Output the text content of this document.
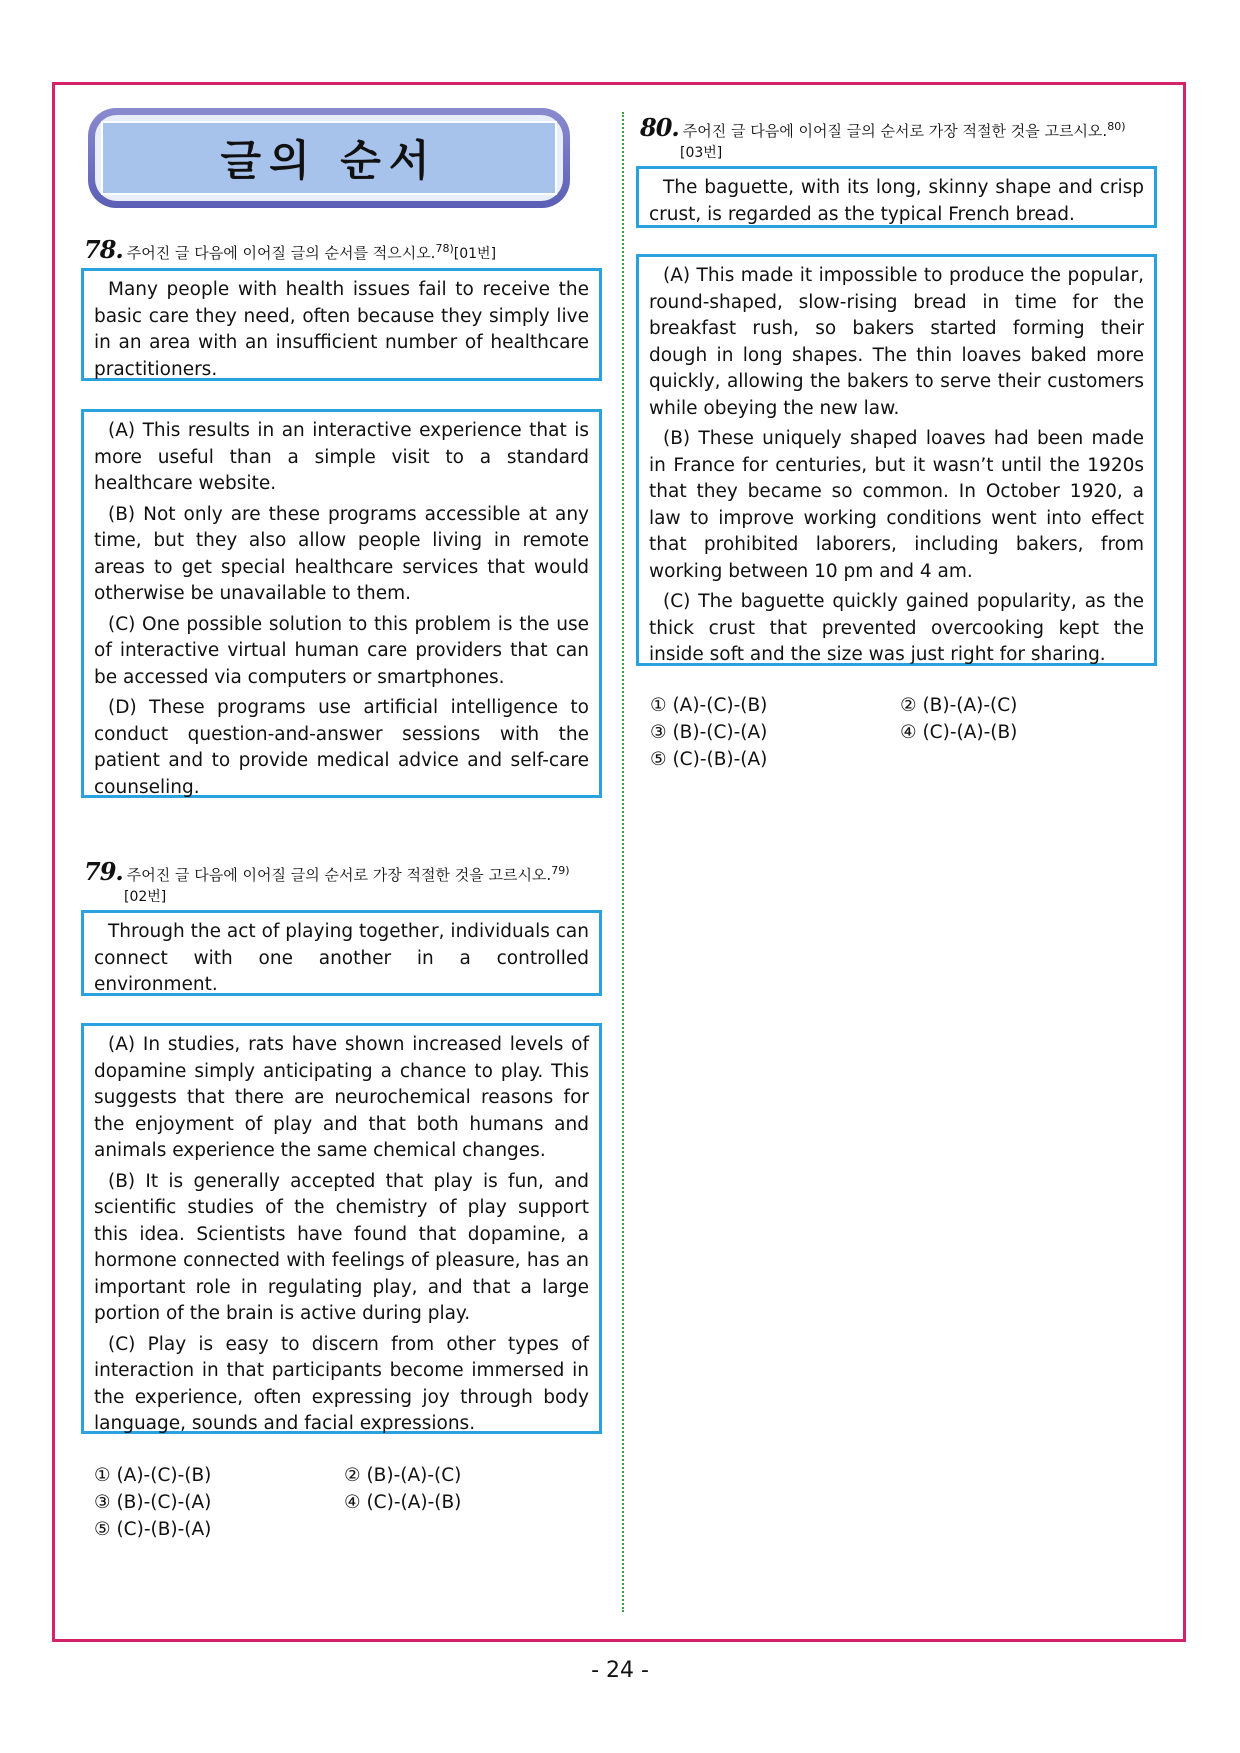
글의 순서
78. 주어진 글 다음에 이어질 글의 순서를 적으시오.$^{78)}$[01번]

Many people with health issues fail to receive the basic care they need, often because they simply live in an area with an insufficient number of healthcare practitioners.

(A) This results in an interactive experience that is more useful than a simple visit to a standard healthcare website.

(B) Not only are these programs accessible at any time, but they also allow people living in remote areas to get special healthcare services that would otherwise be unavailable to them.

(C) One possible solution to this problem is the use of interactive virtual human care providers that can be accessed via computers or smartphones.

(D) These programs use artificial intelligence to conduct question-and-answer sessions with the patient and to provide medical advice and self-care counseling.

79. 주어진 글 다음에 이어질 글의 순서로 가장 적절한 것을 고르시오.$^{79)}$
[02번]

Through the act of playing together, individuals can connect with one another in a controlled environment.

(A) In studies, rats have shown increased levels of dopamine simply anticipating a chance to play. This suggests that there are neurochemical reasons for the enjoyment of play and that both humans and animals experience the same chemical changes.

(B) It is generally accepted that play is fun, and scientific studies of the chemistry of play support this idea. Scientists have found that dopamine, a hormone connected with feelings of pleasure, has an important role in regulating play, and that a large portion of the brain is active during play.

(C) Play is easy to discern from other types of interaction in that participants become immersed in the experience, often expressing joy through body language, sounds and facial expressions.

① (A)-(C)-(B)	② (B)-(A)-(C)
③ (B)-(C)-(A)	④ (C)-(A)-(B)
⑤ (C)-(B)-(A)
80. 주어진 글 다음에 이어질 글의 순서로 가장 적절한 것을 고르시오.$^{80)}$
[03번]

The baguette, with its long, skinny shape and crisp crust, is regarded as the typical French bread.

(A) This made it impossible to produce the popular, round-shaped, slow-rising bread in time for the breakfast rush, so bakers started forming their dough in long shapes. The thin loaves baked more quickly, allowing the bakers to serve their customers while obeying the new law.

(B) These uniquely shaped loaves had been made in France for centuries, but it wasn’t until the 1920s that they became so common. In October 1920, a law to improve working conditions went into effect that prohibited laborers, including bakers, from working between 10 pm and 4 am.

(C) The baguette quickly gained popularity, as the thick crust that prevented overcooking kept the inside soft and the size was just right for sharing.

① (A)-(C)-(B)	② (B)-(A)-(C)
③ (B)-(C)-(A)	④ (C)-(A)-(B)
⑤ (C)-(B)-(A)
- 24 -
